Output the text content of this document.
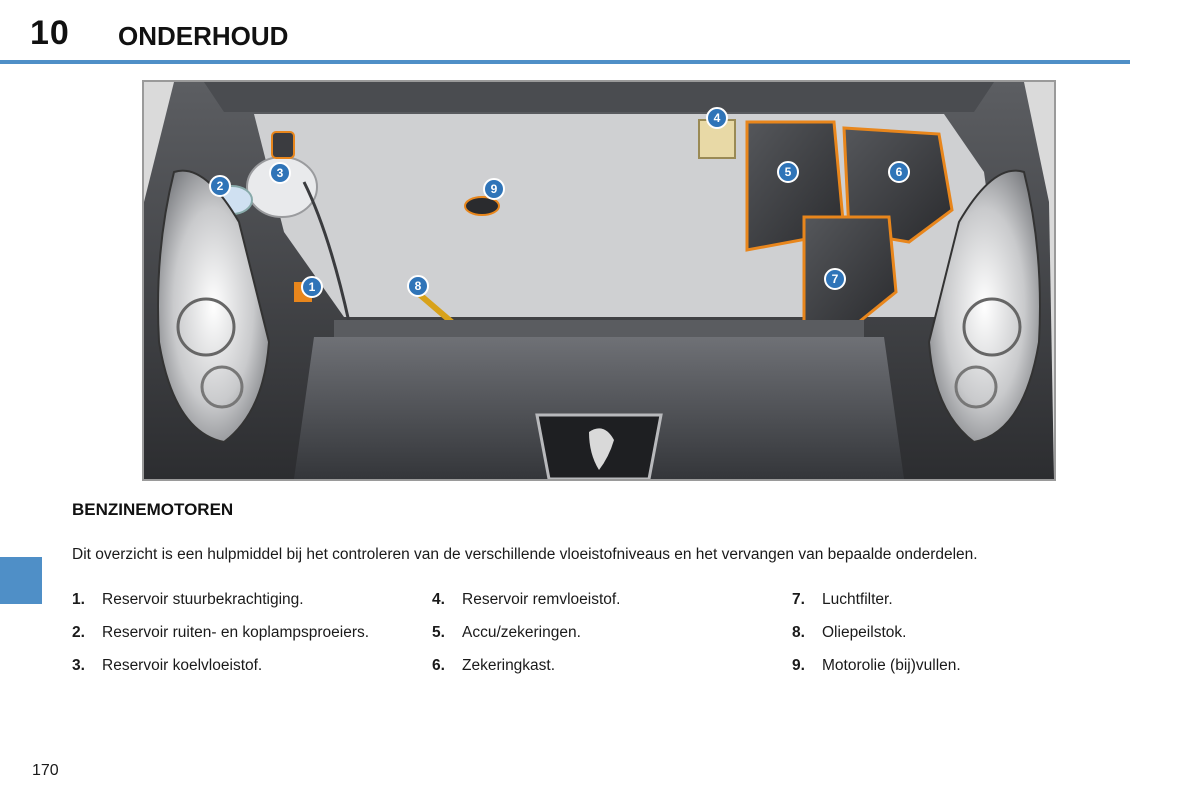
10 ONDERHOUD
1
2
3
4
5	6
7
8
9
BENZINEMOTOREN
Dit overzicht is een hulpmiddel bij het controleren van de verschillende vloeistofniveaus en het vervangen van bepaalde onderdelen.
1. Reservoir stuurbekrachtiging.
2. Reservoir ruiten- en koplampsproeiers.
3. Reservoir koelvloeistof.
4. Reservoir remvloeistof.
5. Accu/zekeringen.
6. Zekeringkast.
7. Luchtfilter.
8. Oliepeilstok.
9. Motorolie (bij)vullen.
170
